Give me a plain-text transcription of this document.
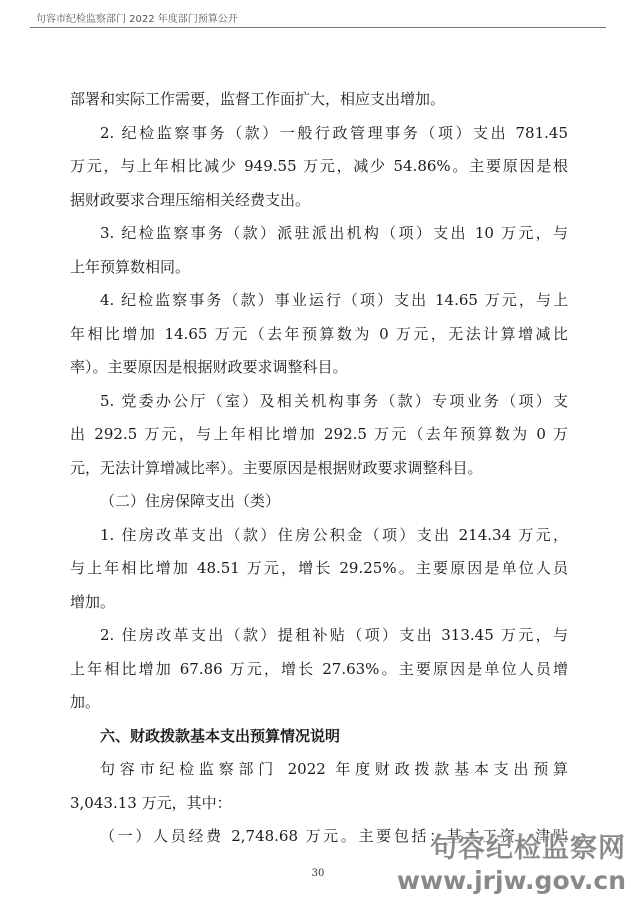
句容市纪检监察部门 2022 年度部门预算公开
部署和实际工作需要，监督工作面扩大，相应支出增加。
2. 纪检监察事务（款）一般行政管理事务（项）支出 781.45
万元，与上年相比减少 949.55 万元，减少 54.86%。主要原因是根
据财政要求合理压缩相关经费支出。
3. 纪检监察事务（款）派驻派出机构（项）支出 10 万元，与
上年预算数相同。
4. 纪检监察事务（款）事业运行（项）支出 14.65 万元，与上
年相比增加 14.65 万元（去年预算数为 0 万元，无法计算增减比
率）。主要原因是根据财政要求调整科目。
5. 党委办公厅（室）及相关机构事务（款）专项业务（项）支
出 292.5 万元，与上年相比增加 292.5 万元（去年预算数为 0 万
元，无法计算增减比率）。主要原因是根据财政要求调整科目。
（二）住房保障支出（类）
1. 住房改革支出（款）住房公积金（项）支出 214.34 万元，
与上年相比增加 48.51 万元，增长 29.25%。主要原因是单位人员
增加。
2. 住房改革支出（款）提租补贴（项）支出 313.45 万元，与
上年相比增加 67.86 万元，增长 27.63%。主要原因是单位人员增
加。
六、财政拨款基本支出预算情况说明
句容市纪检监察部门 2022 年度财政拨款基本支出预算
3,043.13 万元，其中：
（一）人员经费 2,748.68 万元。主要包括：基本工资、津贴
30
句容纪检监察网
www.jrjw.gov.cn
